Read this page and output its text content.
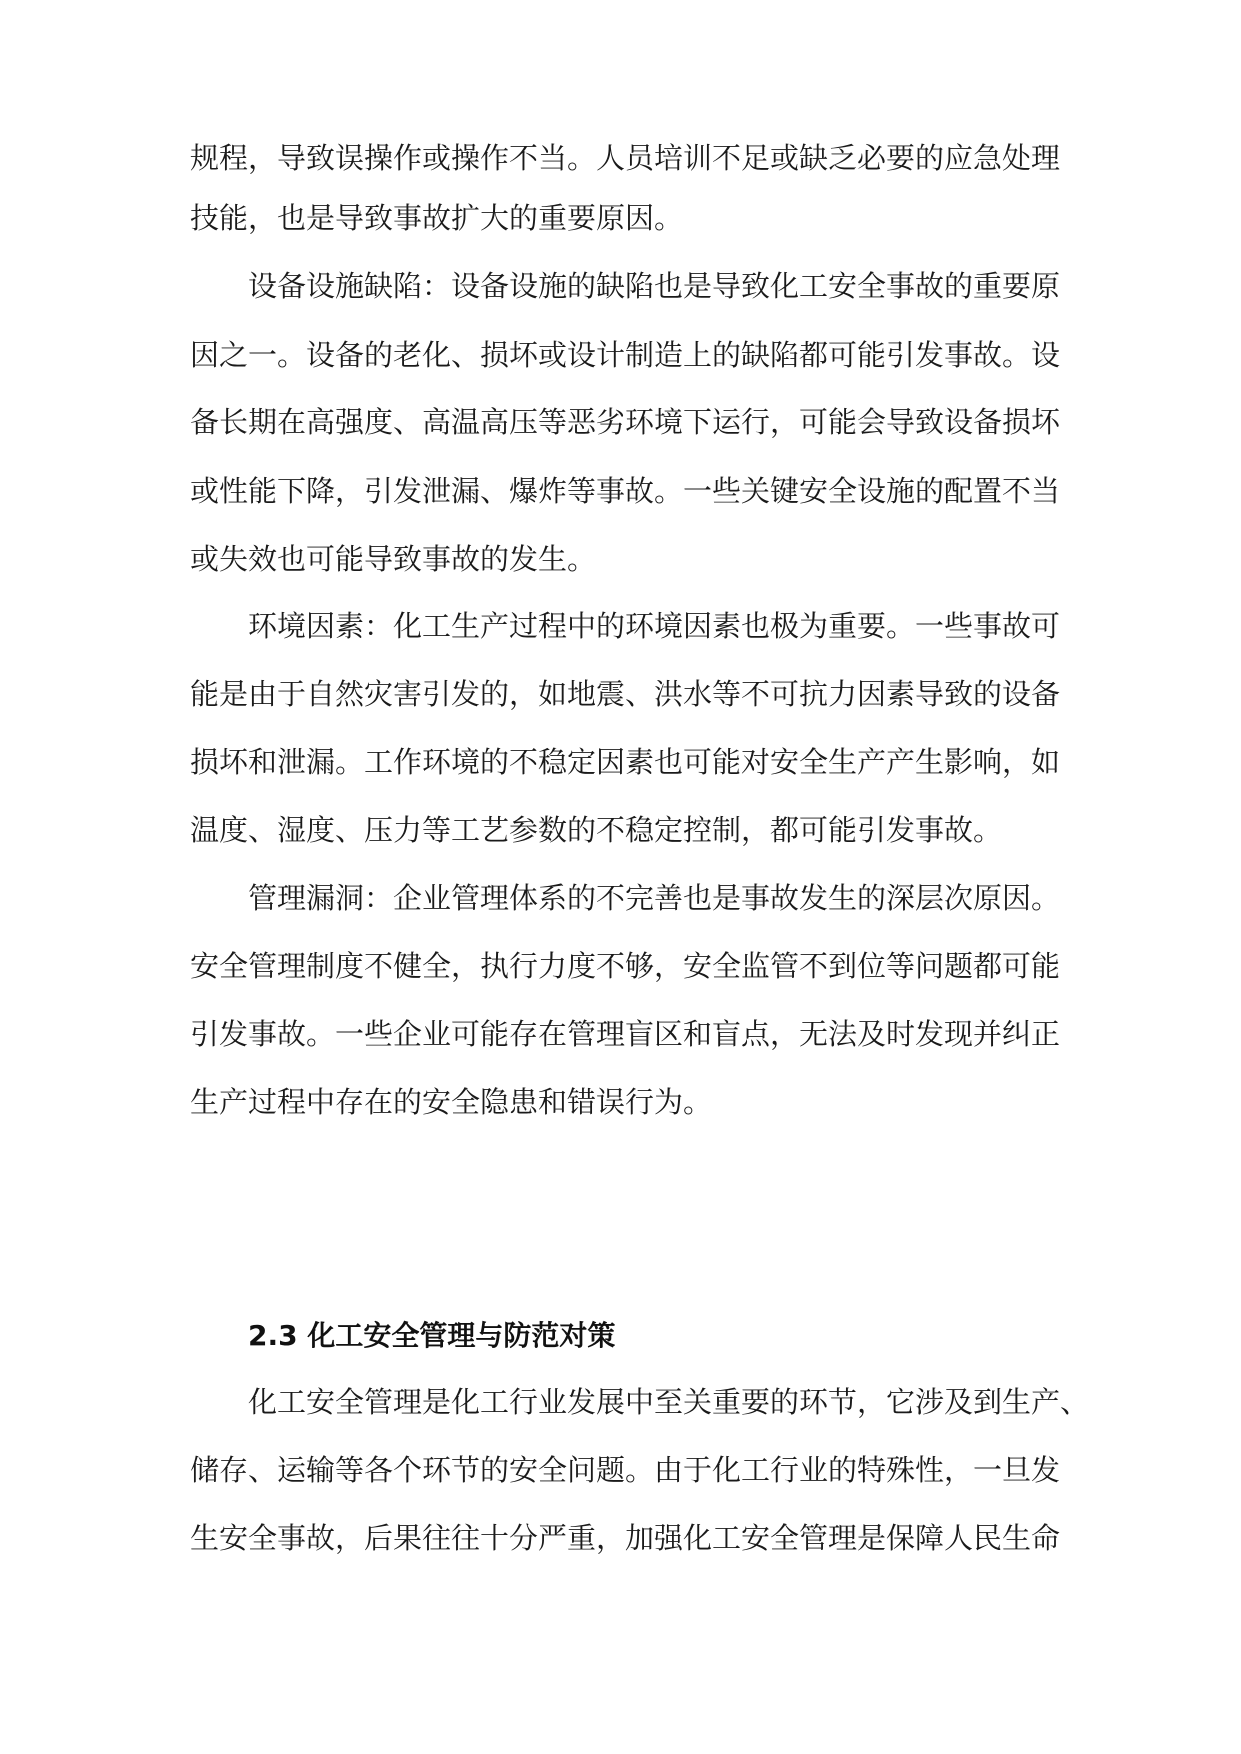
规程，导致误操作或操作不当。人员培训不足或缺乏必要的应急处理

技能，也是导致事故扩大的重要原因。

设备设施缺陷：设备设施的缺陷也是导致化工安全事故的重要原

因之一。设备的老化、损坏或设计制造上的缺陷都可能引发事故。设

备长期在高强度、高温高压等恶劣环境下运行，可能会导致设备损坏

或性能下降，引发泄漏、爆炸等事故。一些关键安全设施的配置不当

或失效也可能导致事故的发生。

环境因素：化工生产过程中的环境因素也极为重要。一些事故可

能是由于自然灾害引发的，如地震、洪水等不可抗力因素导致的设备

损坏和泄漏。工作环境的不稳定因素也可能对安全生产产生影响，如

温度、湿度、压力等工艺参数的不稳定控制，都可能引发事故。

管理漏洞：企业管理体系的不完善也是事故发生的深层次原因。

安全管理制度不健全，执行力度不够，安全监管不到位等问题都可能

引发事故。一些企业可能存在管理盲区和盲点，无法及时发现并纠正

生产过程中存在的安全隐患和错误行为。

2.3 化工安全管理与防范对策

化工安全管理是化工行业发展中至关重要的环节，它涉及到生产、

储存、运输等各个环节的安全问题。由于化工行业的特殊性，一旦发

生安全事故，后果往往十分严重，加强化工安全管理是保障人民生命
